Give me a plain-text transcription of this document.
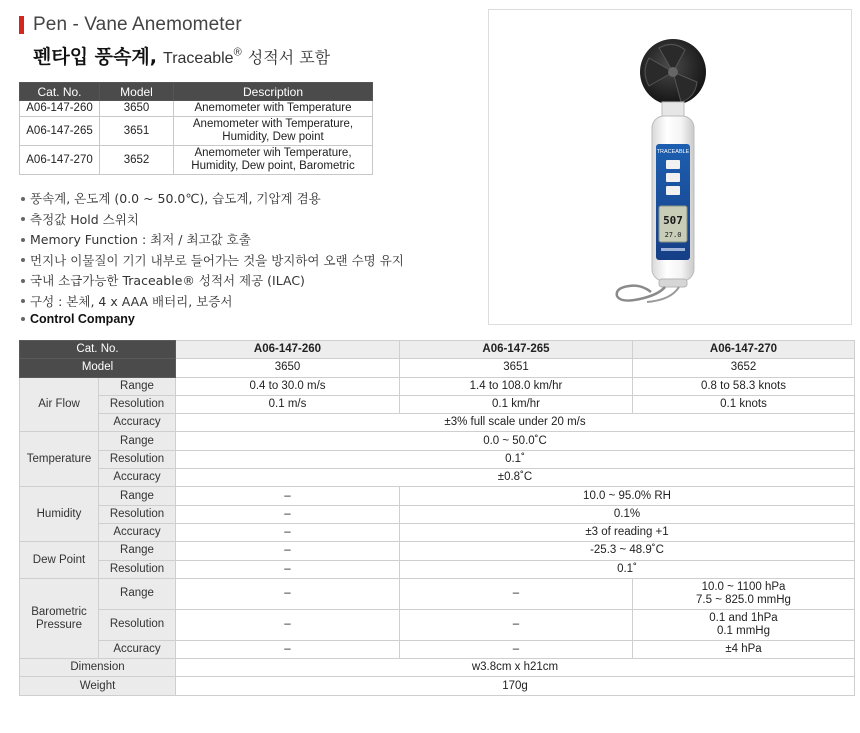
Pen - Vane Anemometer
펜타입 풍속계, Traceable® 성적서 포함
Cat. No.	Model	Description
A06-147-260	3650	Anemometer with Temperature
A06-147-265	3651	Anemometer with Temperature,
Humidity, Dew point
A06-147-270	3652	Anemometer wih Temperature,
Humidity, Dew point, Barometric
풍속계, 온도계 (0.0 ~ 50.0℃), 습도계, 기압계 겸용
측정값 Hold 스위치
Memory Function : 최저 / 최고값 호출
먼지나 이물질이 기기 내부로 들어가는 것을 방지하여 오랜 수명 유지
국내 소급가능한 Traceable® 성적서 제공 (ILAC)
구성 : 본체, 4 x AAA 배터리, 보증서
Control Company
TRACEABLE
507
27.0
Cat. No.		A06-147-260	A06-147-265	A06-147-270
Model		3650	3651	3652
Air Flow	Range	0.4 to 30.0 m/s	1.4 to 108.0 km/hr	0.8 to 58.3 knots
	Resolution	0.1 m/s	0.1 km/hr	0.1 knots
	Accuracy	±3% full scale under 20 m/s		
Temperature	Range	0.0 ~ 50.0˚C		
	Resolution	0.1˚		
	Accuracy	±0.8˚C		
Humidity	Range	–	10.0 ~ 95.0% RH	
	Resolution	–	0.1%	
	Accuracy	–	±3 of reading +1	
Dew Point	Range	–	-25.3 ~ 48.9˚C	
	Resolution	–	0.1˚	
Barometric
Pressure	Range	–	–	10.0 ~ 1100 hPa
7.5 ~ 825.0 mmHg
	Resolution	–	–	0.1 and 1hPa
0.1 mmHg
	Accuracy	–	–	±4 hPa
Dimension		w3.8cm x h21cm		
Weight		170g		
